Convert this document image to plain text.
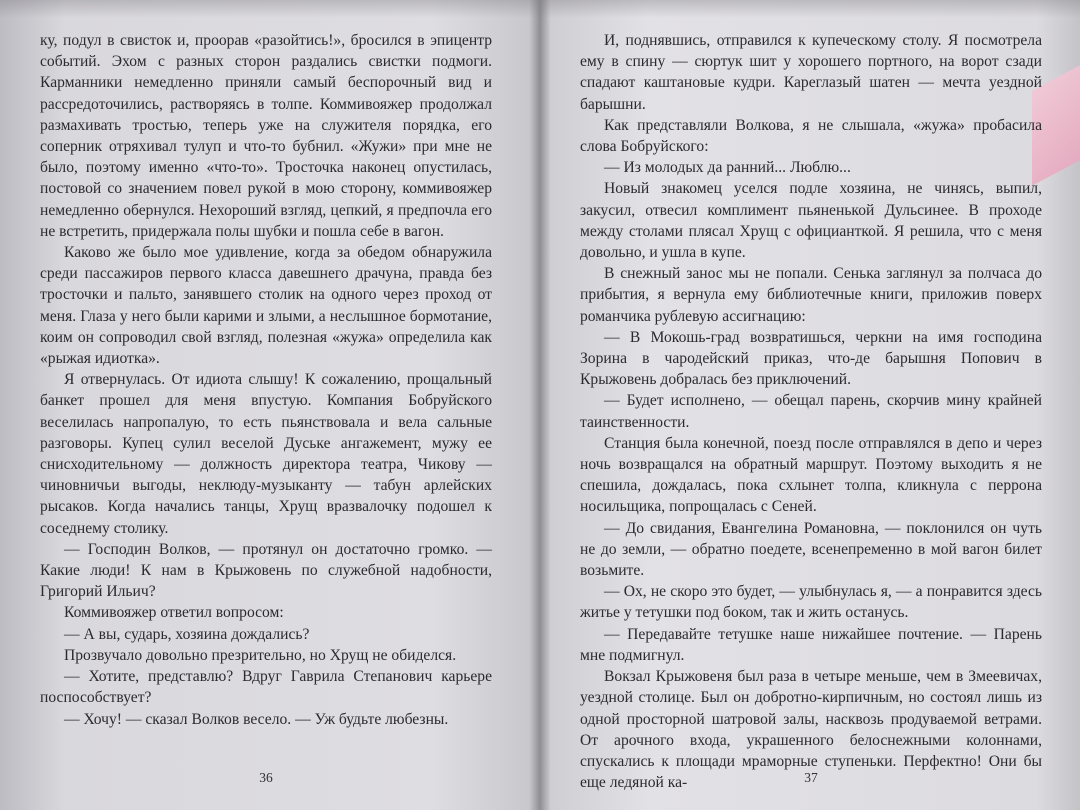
ку, подул в свисток и, проорав «разойтись!», бросился в эпицентр событий. Эхом с разных сторон раздались свистки подмоги. Карманники немедленно приняли самый беспорочный вид и рассредоточились, растворяясь в толпе. Коммивояжер продолжал размахивать тростью, теперь уже на служителя порядка, его соперник отряхивал тулуп и что-то бубнил. «Жужи» при мне не было, поэтому именно «что-то». Тросточка наконец опустилась, постовой со значением повел рукой в мою сторону, коммивояжер немедленно обернулся. Нехороший взгляд, цепкий, я предпочла его не встретить, придержала полы шубки и пошла себе в вагон.

Каково же было мое удивление, когда за обедом обнаружила среди пассажиров первого класса давешнего драчуна, правда без тросточки и пальто, занявшего столик на одного через проход от меня. Глаза у него были карими и злыми, а неслышное бормотание, коим он сопроводил свой взгляд, полезная «жужа» определила как «рыжая идиотка».

Я отвернулась. От идиота слышу! К сожалению, прощальный банкет прошел для меня впустую. Компания Бобруйского веселилась напропалую, то есть пьянствовала и вела сальные разговоры. Купец сулил веселой Дуське ангажемент, мужу ее снисходительному — должность директора театра, Чикову — чиновничьи выгоды, неклюду-музыканту — табун арлейских рысаков. Когда начались танцы, Хрущ вразвалочку подошел к соседнему столику.

— Господин Волков, — протянул он достаточно громко. — Какие люди! К нам в Крыжовень по служебной надобности, Григорий Ильич?

Коммивояжер ответил вопросом:

— А вы, сударь, хозяина дождались?

Прозвучало довольно презрительно, но Хрущ не обиделся.

— Хотите, представлю? Вдруг Гаврила Степанович карьере поспособствует?

— Хочу! — сказал Волков весело. — Уж будьте любезны.

36

И, поднявшись, отправился к купеческому столу. Я посмотрела ему в спину — сюртук шит у хорошего портного, на ворот сзади спадают каштановые кудри. Кареглазый шатен — мечта уездной барышни.

Как представляли Волкова, я не слышала, «жужа» пробасила слова Бобруйского:

— Из молодых да ранний... Люблю...

Новый знакомец уселся подле хозяина, не чинясь, выпил, закусил, отвесил комплимент пьяненькой Дульсинее. В проходе между столами плясал Хрущ с официанткой. Я решила, что с меня довольно, и ушла в купе.

В снежный занос мы не попали. Сенька заглянул за полчаса до прибытия, я вернула ему библиотечные книги, приложив поверх романчика рублевую ассигнацию:

— В Мокошь-град возвратишься, черкни на имя господина Зорина в чародейский приказ, что-де барышня Попович в Крыжовень добралась без приключений.

— Будет исполнено, — обещал парень, скорчив мину крайней таинственности.

Станция была конечной, поезд после отправлялся в депо и через ночь возвращался на обратный маршрут. Поэтому выходить я не спешила, дождалась, пока схлынет толпа, кликнула с перрона носильщика, попрощалась с Сеней.

— До свидания, Евангелина Романовна, — поклонился он чуть не до земли, — обратно поедете, всенепременно в мой вагон билет возьмите.

— Ох, не скоро это будет, — улыбнулась я, — а понравится здесь житье у тетушки под боком, так и жить останусь.

— Передавайте тетушке наше нижайшее почтение. — Парень мне подмигнул.

Вокзал Крыжовеня был раза в четыре меньше, чем в Змеевичах, уездной столице. Был он добротно-кирпичным, но состоял лишь из одной просторной шатровой залы, насквозь продуваемой ветрами. От арочного входа, украшенного белоснежными колоннами, спускались к площади мраморные ступеньки. Перфектно! Они бы еще ледяной ка-	37
